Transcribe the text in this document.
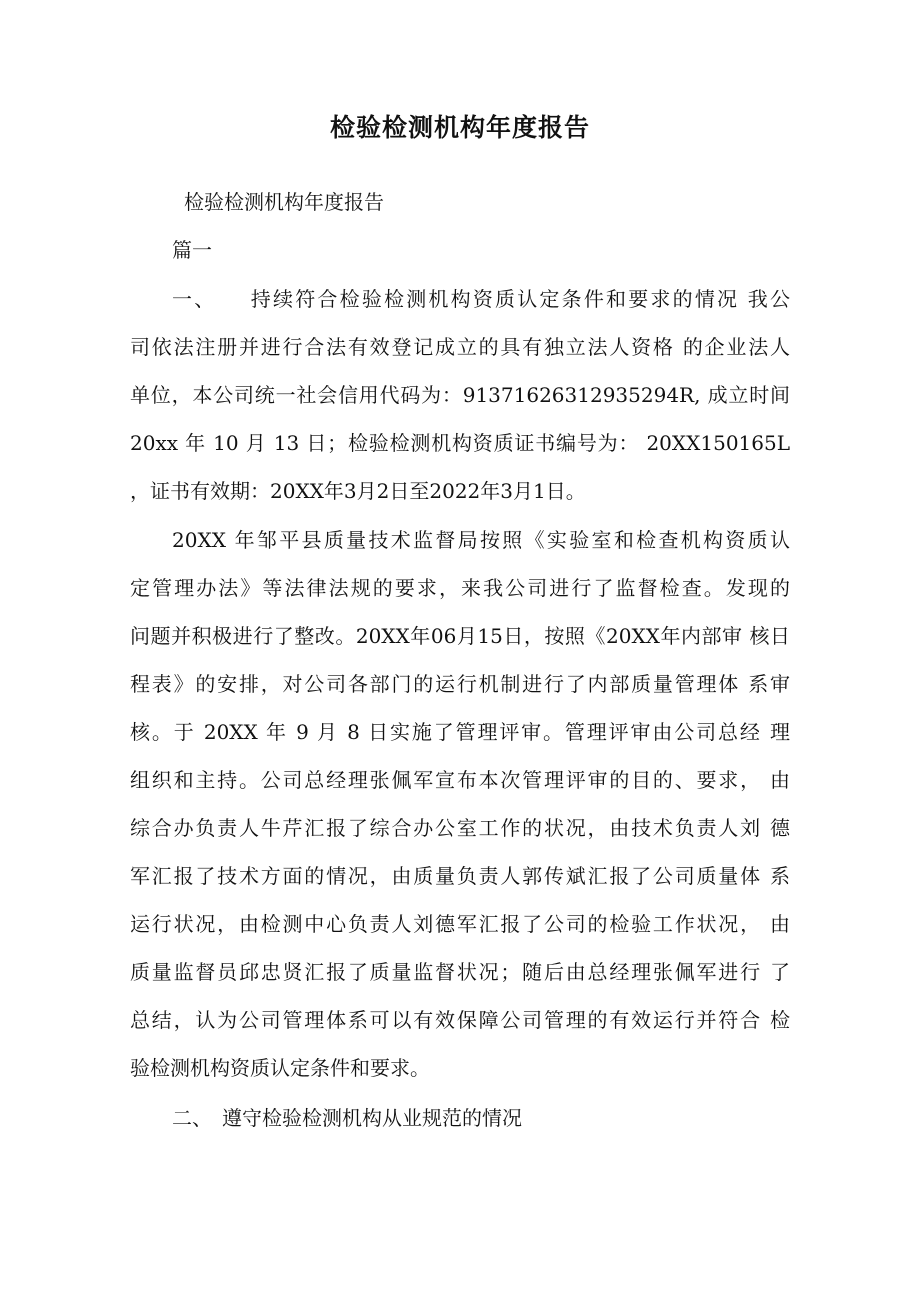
检验检测机构年度报告
检验检测机构年度报告
篇一
一、　　持续符合检验检测机构资质认定条件和要求的情况 我公
司依法注册并进行合法有效登记成立的具有独立法人资格 的企业法人
单位，本公司统一社会信用代码为：91371626312935294R, 成立时间
20xx 年 10 月 13 日；检验检测机构资质证书编号为： 20XX150165L
，证书有效期：20XX年3月2日至2022年3月1日。
20XX 年邹平县质量技术监督局按照《实验室和检查机构资质认
定管理办法》等法律法规的要求，来我公司进行了监督检查。发现的
问题并积极进行了整改。20XX年06月15日，按照《20XX年内部审 核日
程表》的安排，对公司各部门的运行机制进行了内部质量管理体 系审
核。于 20XX 年 9 月 8 日实施了管理评审。管理评审由公司总经 理
组织和主持。公司总经理张佩军宣布本次管理评审的目的、要求， 由
综合办负责人牛芹汇报了综合办公室工作的状况，由技术负责人刘 德
军汇报了技术方面的情况，由质量负责人郭传斌汇报了公司质量体 系
运行状况，由检测中心负责人刘德军汇报了公司的检验工作状况， 由
质量监督员邱忠贤汇报了质量监督状况；随后由总经理张佩军进行 了
总结，认为公司管理体系可以有效保障公司管理的有效运行并符合 检
验检测机构资质认定条件和要求。
二、　遵守检验检测机构从业规范的情况
